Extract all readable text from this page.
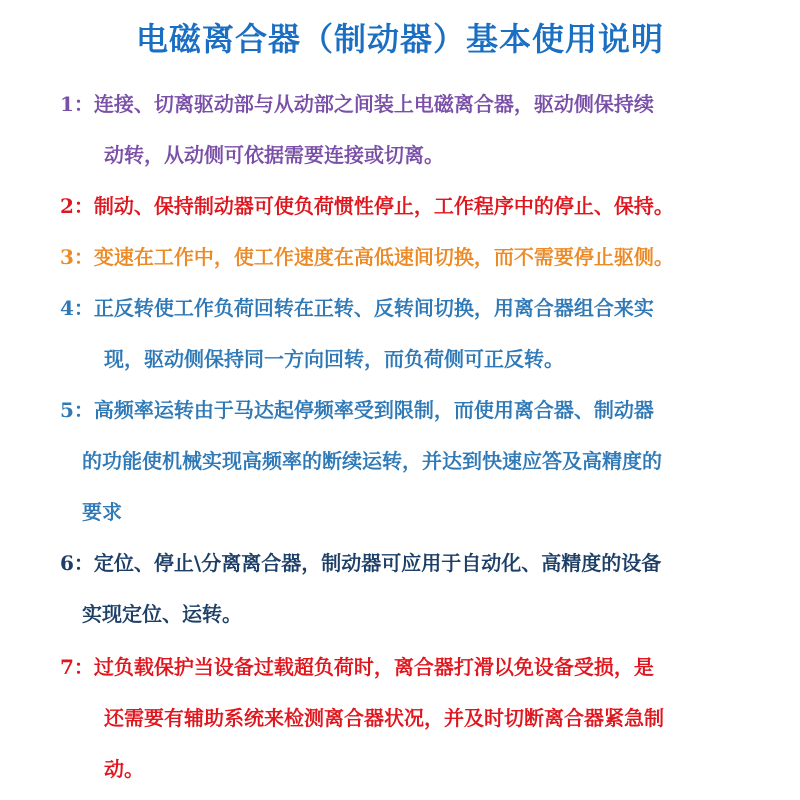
电磁离合器（制动器）基本使用说明
1：连接、切离驱动部与从动部之间装上电磁离合器，驱动侧保持续
动转，从动侧可依据需要连接或切离。
2：制动、保持制动器可使负荷惯性停止，工作程序中的停止、保持。
3：变速在工作中，使工作速度在高低速间切换，而不需要停止驱侧。
4：正反转使工作负荷回转在正转、反转间切换，用离合器组合来实
现，驱动侧保持同一方向回转，而负荷侧可正反转。
5：高频率运转由于马达起停频率受到限制，而使用离合器、制动器
的功能使机械实现高频率的断续运转，并达到快速应答及高精度的
要求
6：定位、停止\分离离合器，制动器可应用于自动化、高精度的设备
实现定位、运转。
7：过负载保护当设备过载超负荷时，离合器打滑以免设备受损，是
还需要有辅助系统来检测离合器状况，并及时切断离合器紧急制
动。
